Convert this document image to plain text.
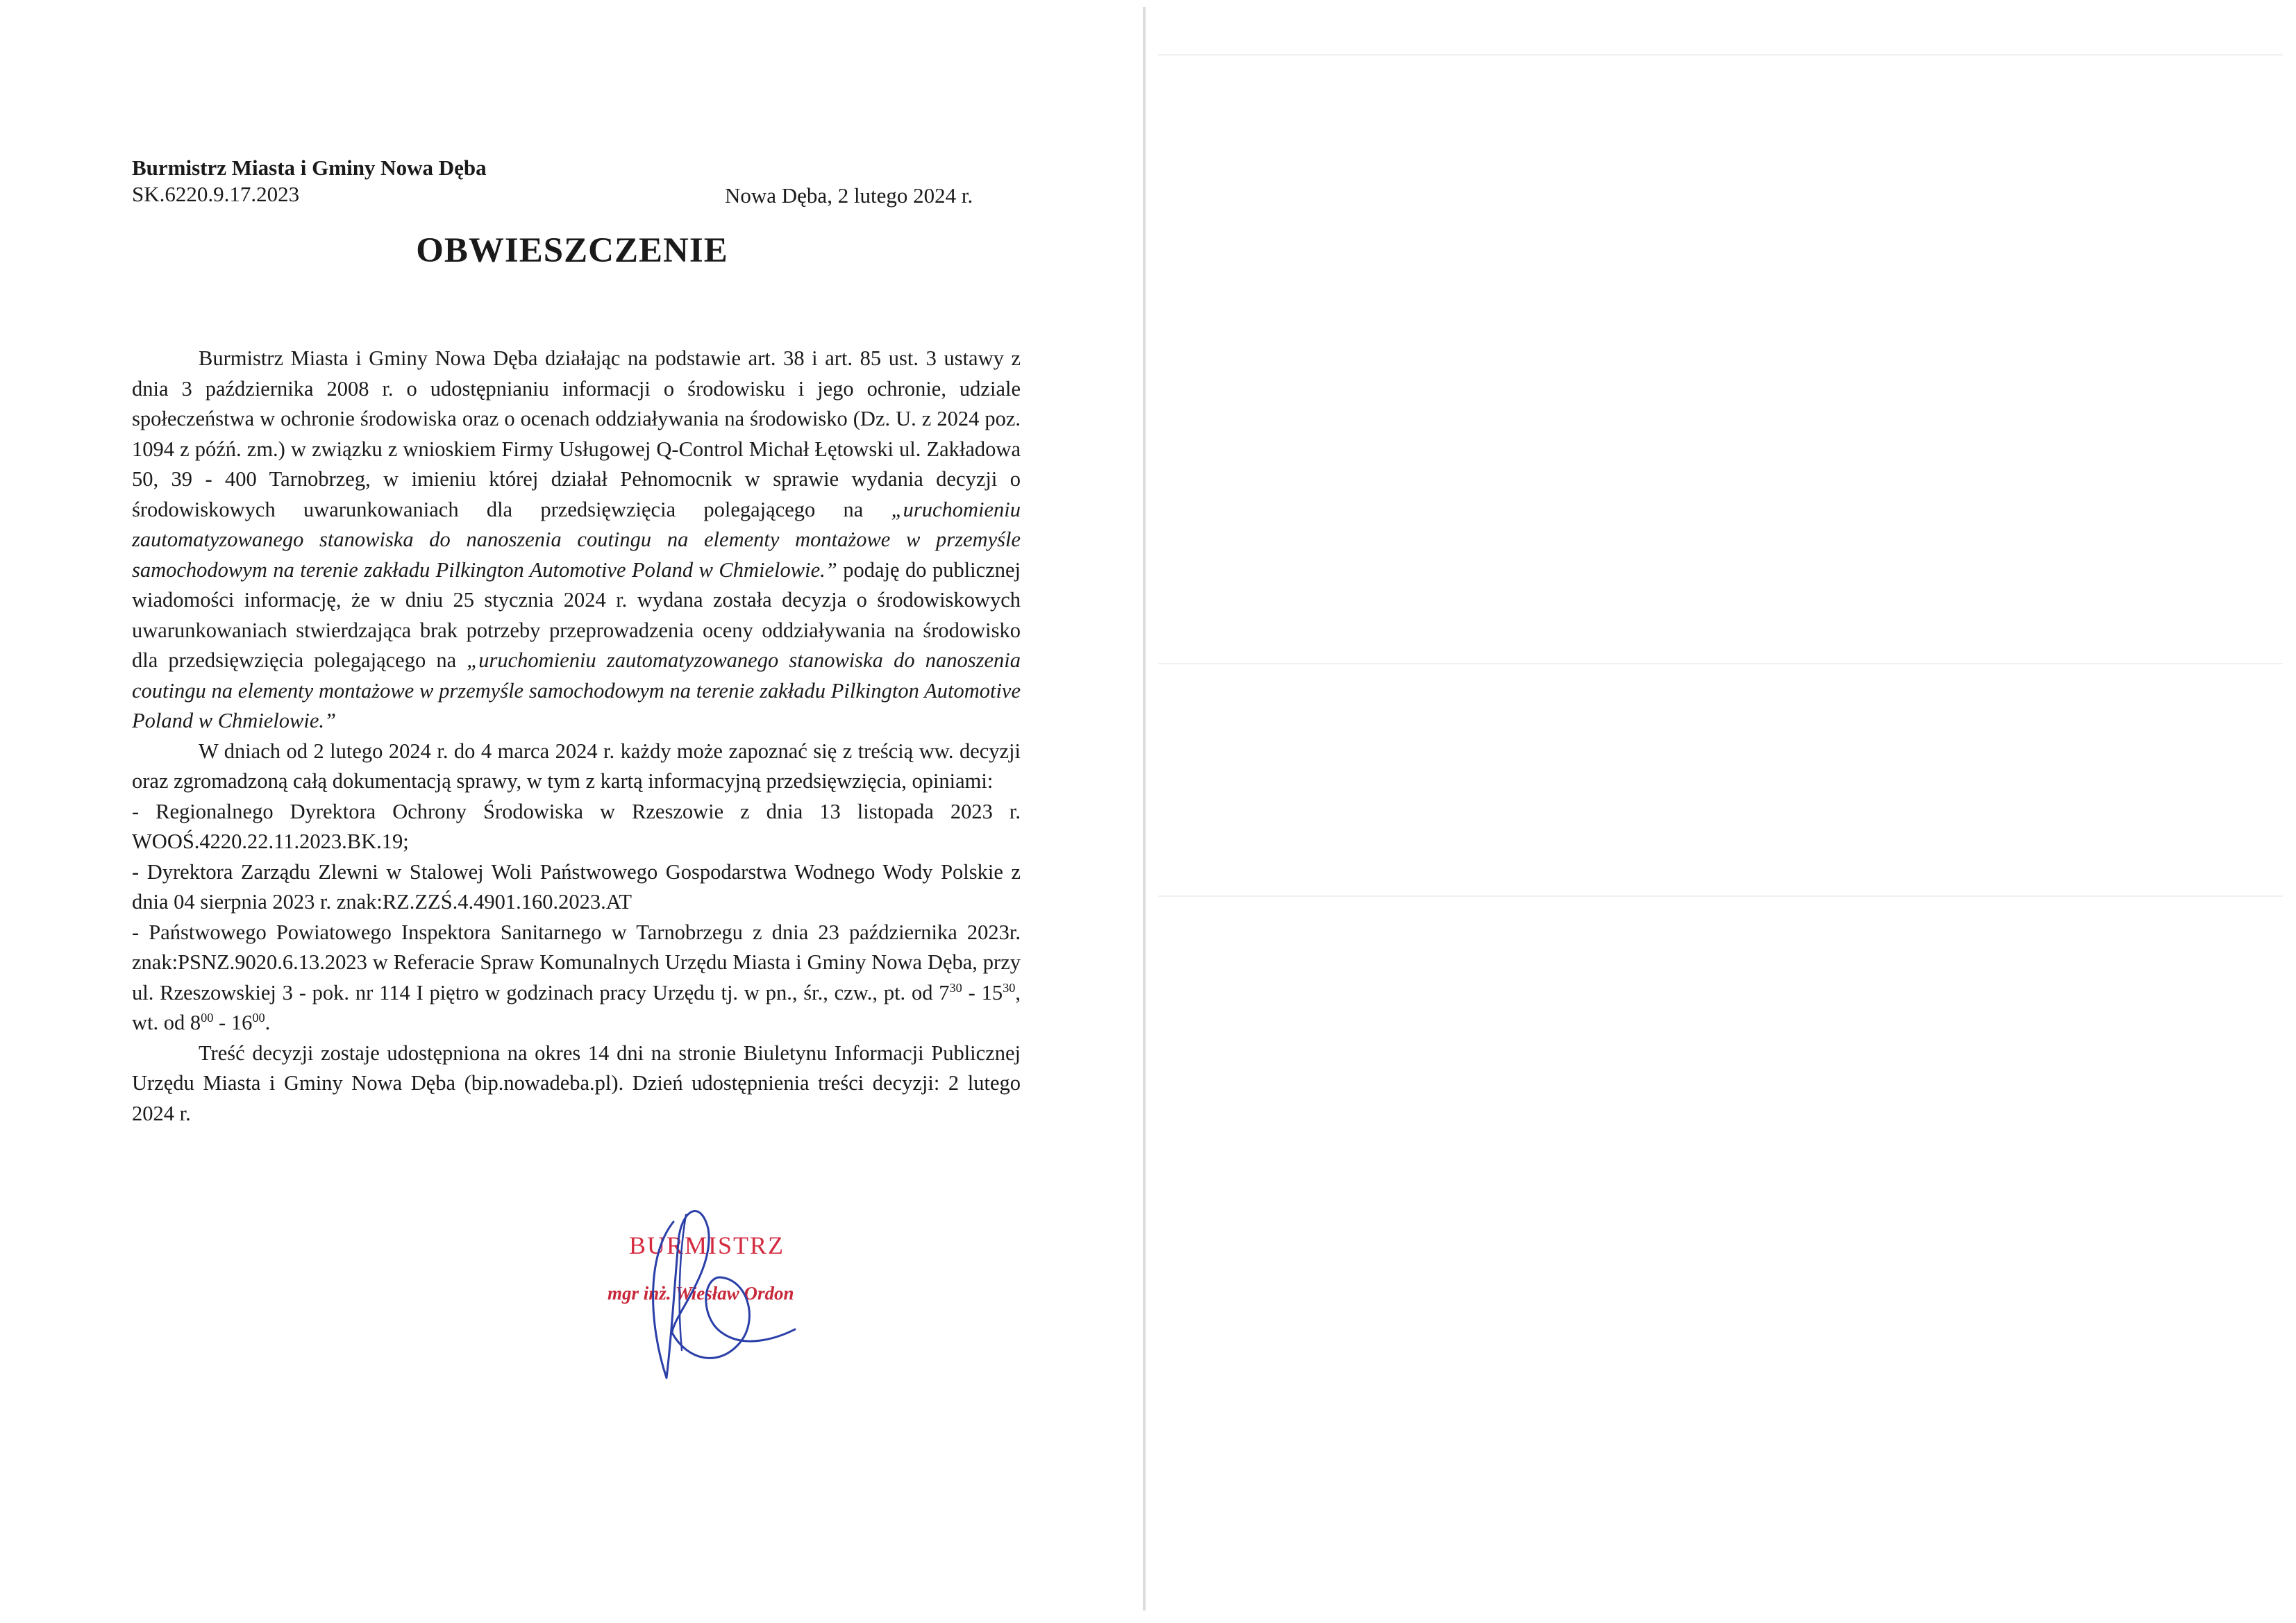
Burmistrz Miasta i Gminy Nowa Dęba
SK.6220.9.17.2023	Nowa Dęba, 2 lutego 2024 r.
OBWIESZCZENIE

Burmistrz Miasta i Gminy Nowa Dęba działając na podstawie art. 38 i art. 85 ust. 3 ustawy z dnia 3 października 2008 r. o udostępnianiu informacji o środowisku i jego ochronie, udziale społeczeństwa w ochronie środowiska oraz o ocenach oddziaływania na środowisko (Dz. U. z 2024 poz. 1094 z późń. zm.) w związku z wnioskiem Firmy Usługowej Q-Control Michał Łętowski ul. Zakładowa 50, 39 - 400 Tarnobrzeg, w imieniu której działał Pełnomocnik w sprawie wydania decyzji o środowiskowych uwarunkowaniach dla przedsięwzięcia polegającego na „uruchomieniu zautomatyzowanego stanowiska do nanoszenia coutingu na elementy montażowe w przemyśle samochodowym na terenie zakładu Pilkington Automotive Poland w Chmielowie.” podaję do publicznej wiadomości informację, że w dniu 25 stycznia 2024 r. wydana została decyzja o środowiskowych uwarunkowaniach stwierdzająca brak potrzeby przeprowadzenia oceny oddziaływania na środowisko dla przedsięwzięcia polegającego na „uruchomieniu zautomatyzowanego stanowiska do nanoszenia coutingu na elementy montażowe w przemyśle samochodowym na terenie zakładu Pilkington Automotive Poland w Chmielowie.”

W dniach od 2 lutego 2024 r. do 4 marca 2024 r. każdy może zapoznać się z treścią ww. decyzji oraz zgromadzoną całą dokumentacją sprawy, w tym z kartą informacyjną przedsięwzięcia, opiniami:

- Regionalnego Dyrektora Ochrony Środowiska w Rzeszowie z dnia 13 listopada 2023 r. WOOŚ.4220.22.11.2023.BK.19;

- Dyrektora Zarządu Zlewni w Stalowej Woli Państwowego Gospodarstwa Wodnego Wody Polskie z dnia 04 sierpnia 2023 r. znak:RZ.ZZŚ.4.4901.160.2023.AT

- Państwowego Powiatowego Inspektora Sanitarnego w Tarnobrzegu z dnia 23 października 2023r. znak:PSNZ.9020.6.13.2023 w Referacie Spraw Komunalnych Urzędu Miasta i Gminy Nowa Dęba, przy ul. Rzeszowskiej 3 - pok. nr 114 I piętro w godzinach pracy Urzędu tj. w pn., śr., czw., pt. od $7^{30} - 15^{30}$, wt. od $8^{00} - 16^{00}$.

Treść decyzji zostaje udostępniona na okres 14 dni na stronie Biuletynu Informacji Publicznej Urzędu Miasta i Gminy Nowa Dęba (bip.nowadeba.pl). Dzień udostępnienia treści decyzji: 2 lutego 2024 r.

BURMISTRZ
mgr inż. Wiesław Ordon
